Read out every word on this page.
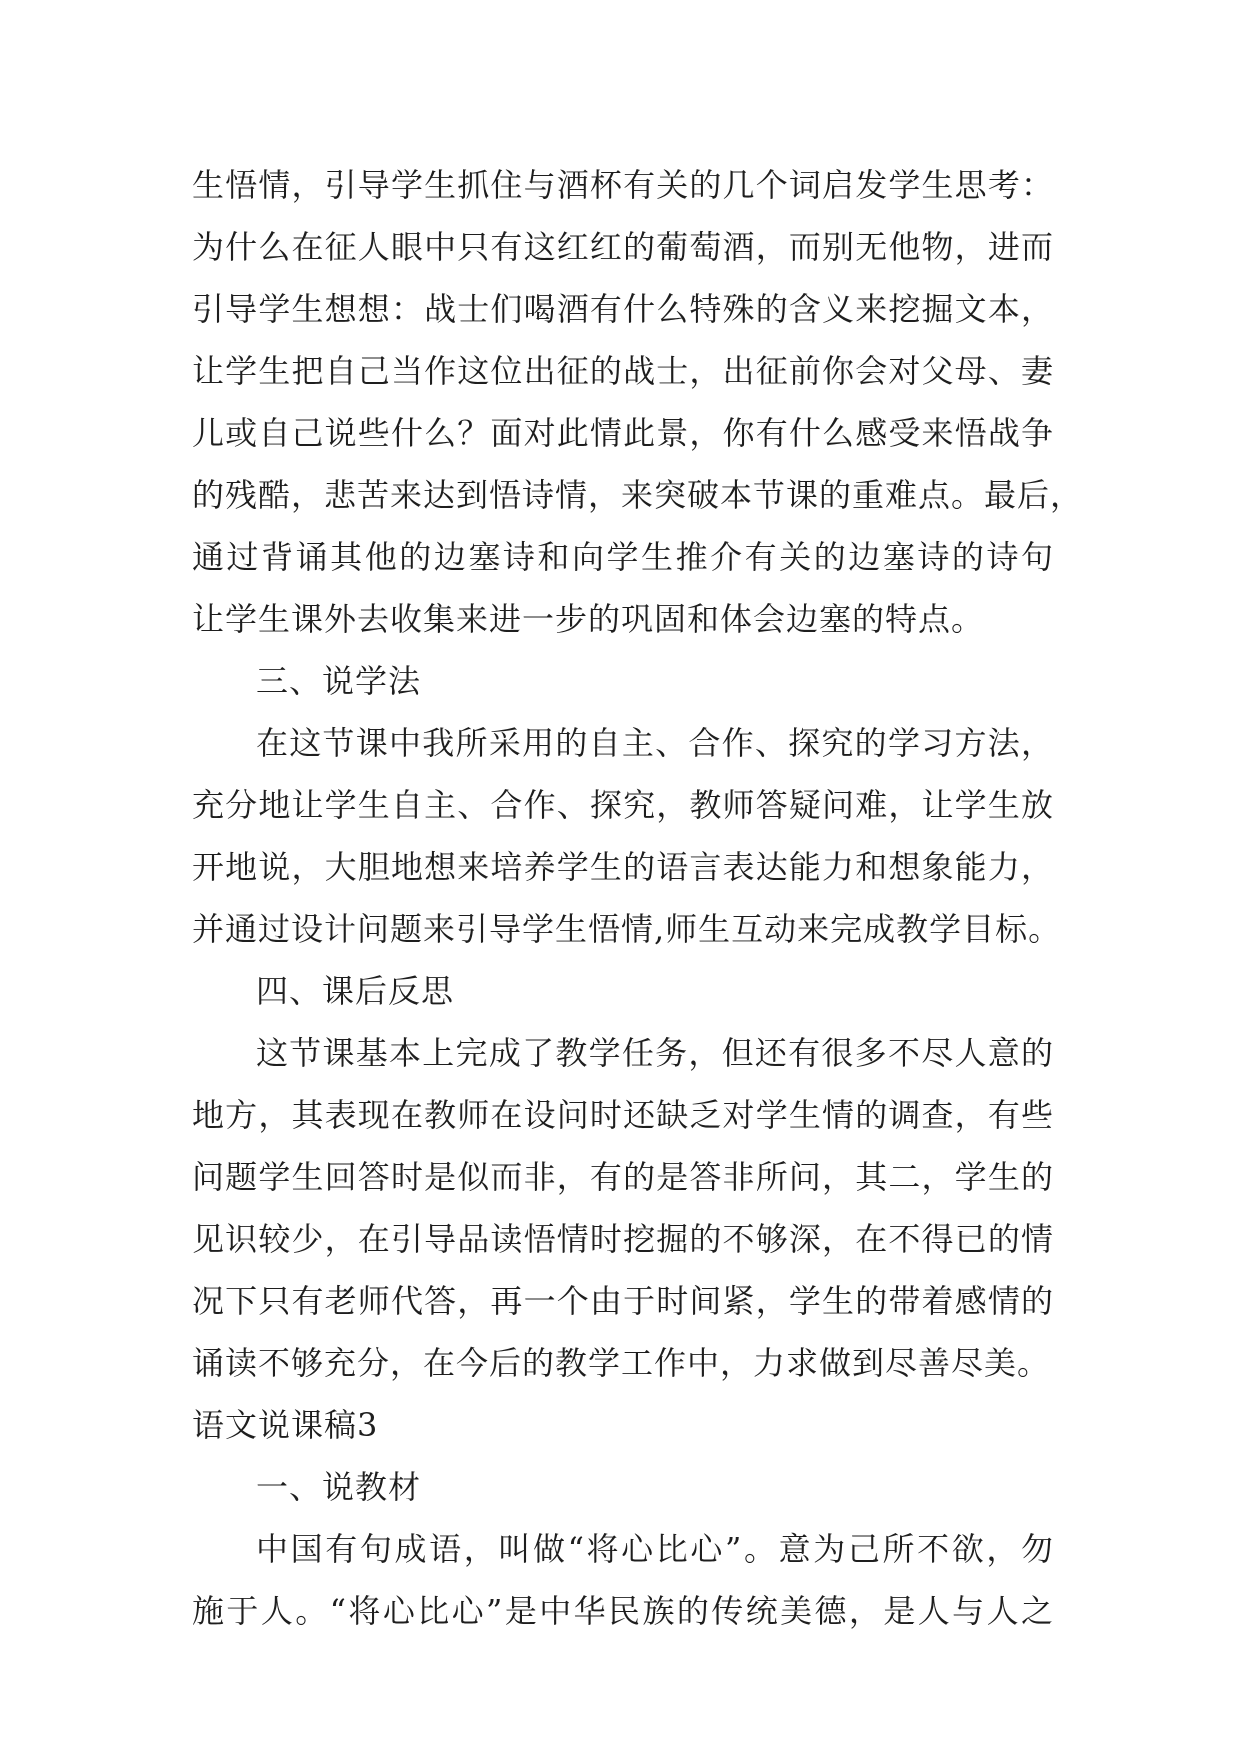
生悟情，引导学生抓住与酒杯有关的几个词启发学生思考：
为什么在征人眼中只有这红红的葡萄酒，而别无他物，进而
引导学生想想：战士们喝酒有什么特殊的含义来挖掘文本，
让学生把自己当作这位出征的战士，出征前你会对父母、妻
儿或自己说些什么？面对此情此景，你有什么感受来悟战争
的残酷，悲苦来达到悟诗情，来突破本节课的重难点。最后，
通过背诵其他的边塞诗和向学生推介有关的边塞诗的诗句
让学生课外去收集来进一步的巩固和体会边塞的特点。
三、说学法
在这节课中我所采用的自主、合作、探究的学习方法，
充分地让学生自主、合作、探究，教师答疑问难，让学生放
开地说，大胆地想来培养学生的语言表达能力和想象能力，
并通过设计问题来引导学生悟情,师生互动来完成教学目标。
四、课后反思
这节课基本上完成了教学任务，但还有很多不尽人意的
地方，其表现在教师在设问时还缺乏对学生情的调查，有些
问题学生回答时是似而非，有的是答非所问，其二，学生的
见识较少，在引导品读悟情时挖掘的不够深，在不得已的情
况下只有老师代答，再一个由于时间紧，学生的带着感情的
诵读不够充分，在今后的教学工作中，力求做到尽善尽美。
语文说课稿3
一、说教材
中国有句成语，叫做“将心比心”。意为己所不欲，勿
施于人。“将心比心”是中华民族的传统美德，是人与人之
